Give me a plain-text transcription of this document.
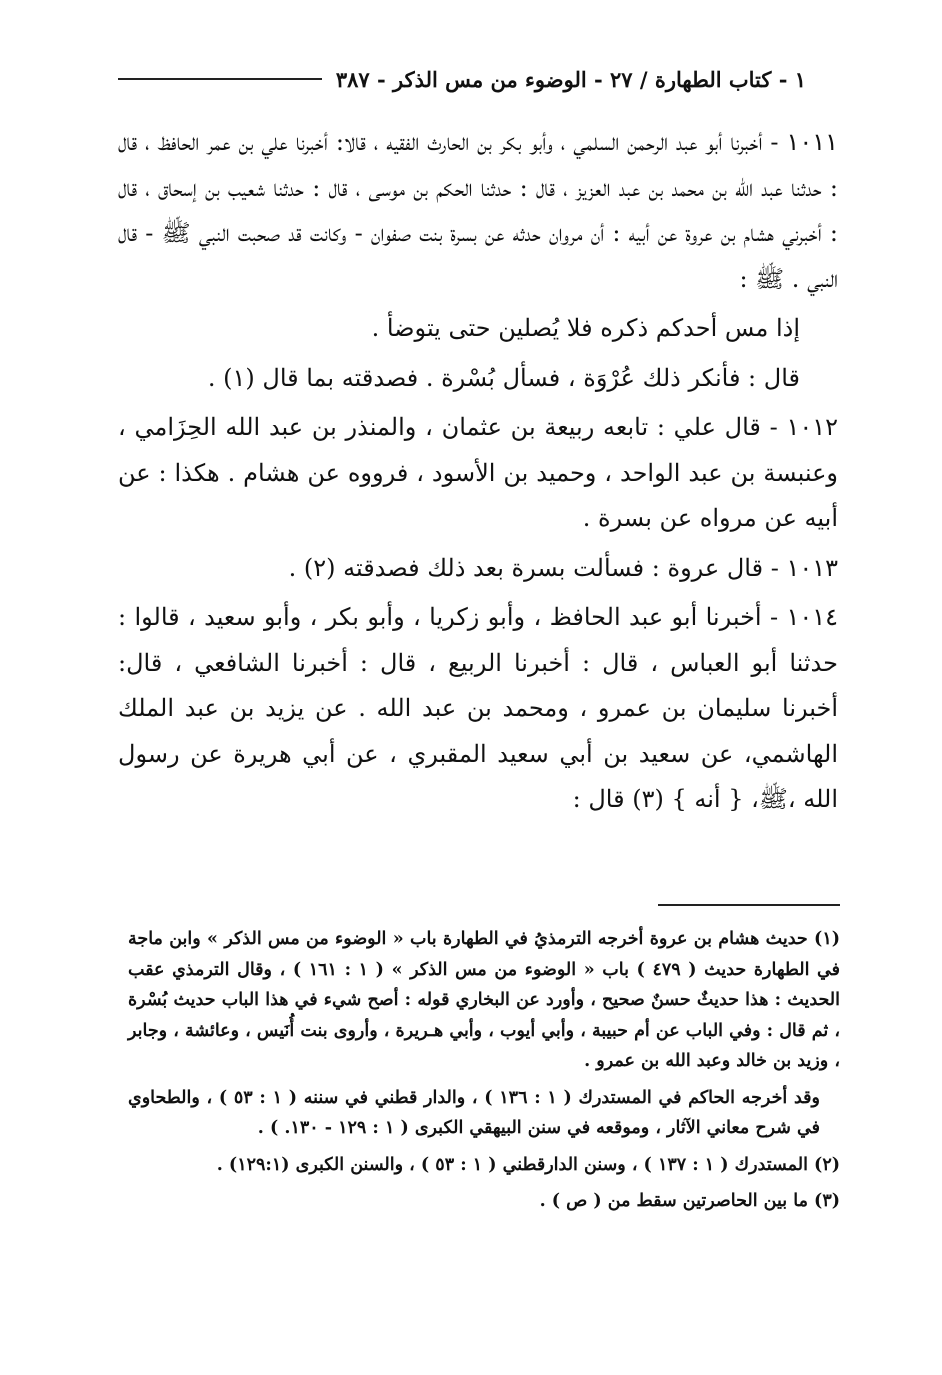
١ - كتاب الطهارة / ٢٧ - الوضوء من مس الذكر - ٣٨٧

١٠١١ - أخبرنا أبو عبد الرحمن السلمي ، وأبو بكر بن الحارث الفقيه ، قالا: أخبرنا علي بن عمر الحافظ ، قال : حدثنا عبد الله بن محمد بن عبد العزيز ، قال : حدثنا الحكم بن موسى ، قال : حدثنا شعيب بن إسحاق ، قال : أخبرني هشام بن عروة عن أبيه : أن مروان حدثه عن بسرة بنت صفوان - وكانت قد صحبت النبي ﷺ - قال النبي . ﷺ :

إذا مس أحدكم ذكره فلا يُصلين حتى يتوضأ .

قال : فأنكر ذلك عُرْوَة ، فسأل بُسْرة . فصدقته بما قال (١) .

١٠١٢ - قال علي : تابعه ربيعة بن عثمان ، والمنذر بن عبد الله الحِزَامي ، وعنبسة بن عبد الواحد ، وحميد بن الأسود ، فرووه عن هشام . هكذا : عن أبيه عن مرواه عن بسرة .

١٠١٣ - قال عروة : فسألت بسرة بعد ذلك فصدقته (٢) .

١٠١٤ - أخبرنا أبو عبد الحافظ ، وأبو زكريا ، وأبو بكر ، وأبو سعيد ، قالوا : حدثنا أبو العباس ، قال : أخبرنا الربيع ، قال : أخبرنا الشافعي ، قال: أخبرنا سليمان بن عمرو ، ومحمد بن عبد الله . عن يزيد بن عبد الملك الهاشمي، عن سعيد بن أبي سعيد المقبري ، عن أبي هريرة عن رسول الله ،ﷺ، { أنه } (٣) قال :

(١) حديث هشام بن عروة أخرجه الترمذيُ في الطهارة باب « الوضوء من مس الذكر » وابن ماجة في الطهارة حديث ( ٤٧٩ ) باب « الوضوء من مس الذكر » ( ١ : ١٦١ ) ، وقال الترمذي عقب الحديث : هذا حديثٌ حسنٌ صحيح ، وأورد عن البخاري قوله : أصح شيء في هذا الباب حديث بُسْرة ، ثم قال : وفي الباب عن أم حبيبة ، وأبي أيوب ، وأبي هـريرة ، وأروى بنت أُنَيس ، وعائشة ، وجابر ، وزيد بن خالد وعبد الله بن عمرو .

وقد أخرجه الحاكم في المستدرك ( ١ : ١٣٦ ) ، والدار قطني في سننه ( ١ : ٥٣ ) ، والطحاوي في شرح معاني الآثار ، وموقعه في سنن البيهقي الكبرى ( ١ : ١٢٩ - ١٣٠. ) .

(٢) المستدرك ( ١ : ١٣٧ ) ، وسنن الدارقطني ( ١ : ٥٣ ) ، والسنن الكبرى (١٢٩:١) .

(٣) ما بين الحاصرتين سقط من ( ص ) .
